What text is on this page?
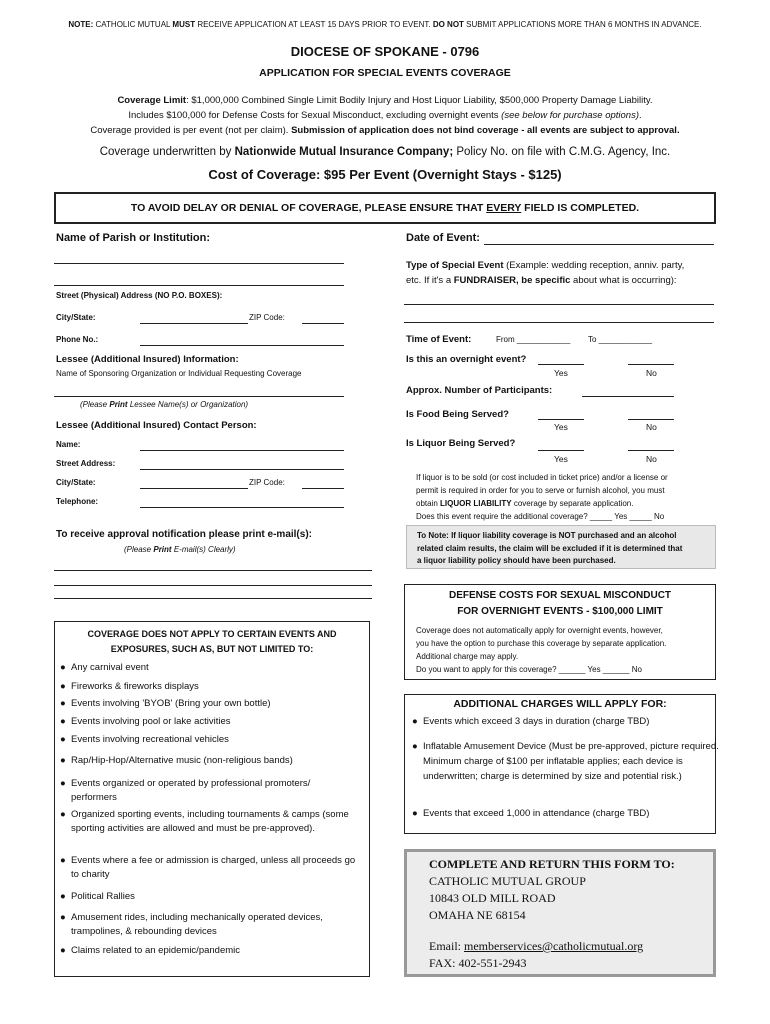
NOTE: CATHOLIC MUTUAL MUST RECEIVE APPLICATION AT LEAST 15 DAYS PRIOR TO EVENT. DO NOT SUBMIT APPLICATIONS MORE THAN 6 MONTHS IN ADVANCE.
DIOCESE OF SPOKANE - 0796
APPLICATION FOR SPECIAL EVENTS COVERAGE
Coverage Limit: $1,000,000 Combined Single Limit Bodily Injury and Host Liquor Liability, $500,000 Property Damage Liability.
Includes $100,000 for Defense Costs for Sexual Misconduct, excluding overnight events (see below for purchase options).
Coverage provided is per event (not per claim). Submission of application does not bind coverage - all events are subject to approval.
Coverage underwritten by Nationwide Mutual Insurance Company; Policy No. on file with C.M.G. Agency, Inc.
Cost of Coverage: $95 Per Event (Overnight Stays - $125)
TO AVOID DELAY OR DENIAL OF COVERAGE, PLEASE ENSURE THAT EVERY FIELD IS COMPLETED.
Name of Parish or Institution:
Street (Physical) Address (NO P.O. BOXES):
City/State:	ZIP Code:
Phone No.:
Lessee (Additional Insured) Information:
Name of Sponsoring Organization or Individual Requesting Coverage
(Please Print Lessee Name(s) or Organization)
Lessee (Additional Insured) Contact Person:
Name:
Street Address:
City/State:	ZIP Code:
Telephone:
To receive approval notification please print e-mail(s):
(Please Print E-mail(s) Clearly)
COVERAGE DOES NOT APPLY TO CERTAIN EVENTS AND
EXPOSURES, SUCH AS, BUT NOT LIMITED TO:
●  Any carnival event
●  Fireworks & fireworks displays
●  Events involving 'BYOB' (Bring your own bottle)
●  Events involving pool or lake activities
●  Events involving recreational vehicles
●  Rap/Hip-Hop/Alternative music (non-religious bands)
●  Events organized or operated by professional promoters/ performers
●  Organized sporting events, including tournaments & camps (some sporting activities are allowed and must be pre-approved).
●  Events where a fee or admission is charged, unless all proceeds go to charity
●  Political Rallies
●  Amusement rides, including mechanically operated devices, trampolines, & rebounding devices
●  Claims related to an epidemic/pandemic
Date of Event:
Type of Special Event (Example: wedding reception, anniv. party,
etc. If it's a FUNDRAISER, be specific about what is occurring):
Time of Event:	From ____________ To ____________
Is this an overnight event?
Yes	No
Approx. Number of Participants:
Is Food Being Served?
Yes	No
Is Liquor Being Served?
Yes	No
If liquor is to be sold (or cost included in ticket price) and/or a license or
permit is required in order for you to serve or furnish alcohol, you must
obtain LIQUOR LIABILITY coverage by separate application.
Does this event require the additional coverage? _____ Yes _____ No
To Note: If liquor liability coverage is NOT purchased and an alcohol
related claim results, the claim will be excluded if it is determined that
a liquor liability policy should have been purchased.
DEFENSE COSTS FOR SEXUAL MISCONDUCT
FOR OVERNIGHT EVENTS - $100,000 LIMIT
Coverage does not automatically apply for overnight events, however,
you have the option to purchase this coverage by separate application.
Additional charge may apply.
Do you want to apply for this coverage? ______ Yes ______ No
ADDITIONAL CHARGES WILL APPLY FOR:
●  Events which exceed 3 days in duration (charge TBD)
●  Inflatable Amusement Device (Must be pre-approved, picture required. Minimum charge of $100 per inflatable applies; each device is underwritten; charge is determined by size and potential risk.)
●  Events that exceed 1,000 in attendance (charge TBD)
COMPLETE AND RETURN THIS FORM TO:
CATHOLIC MUTUAL GROUP
10843 OLD MILL ROAD
OMAHA NE 68154
Email: memberservices@catholicmutual.org
FAX: 402-551-2943
